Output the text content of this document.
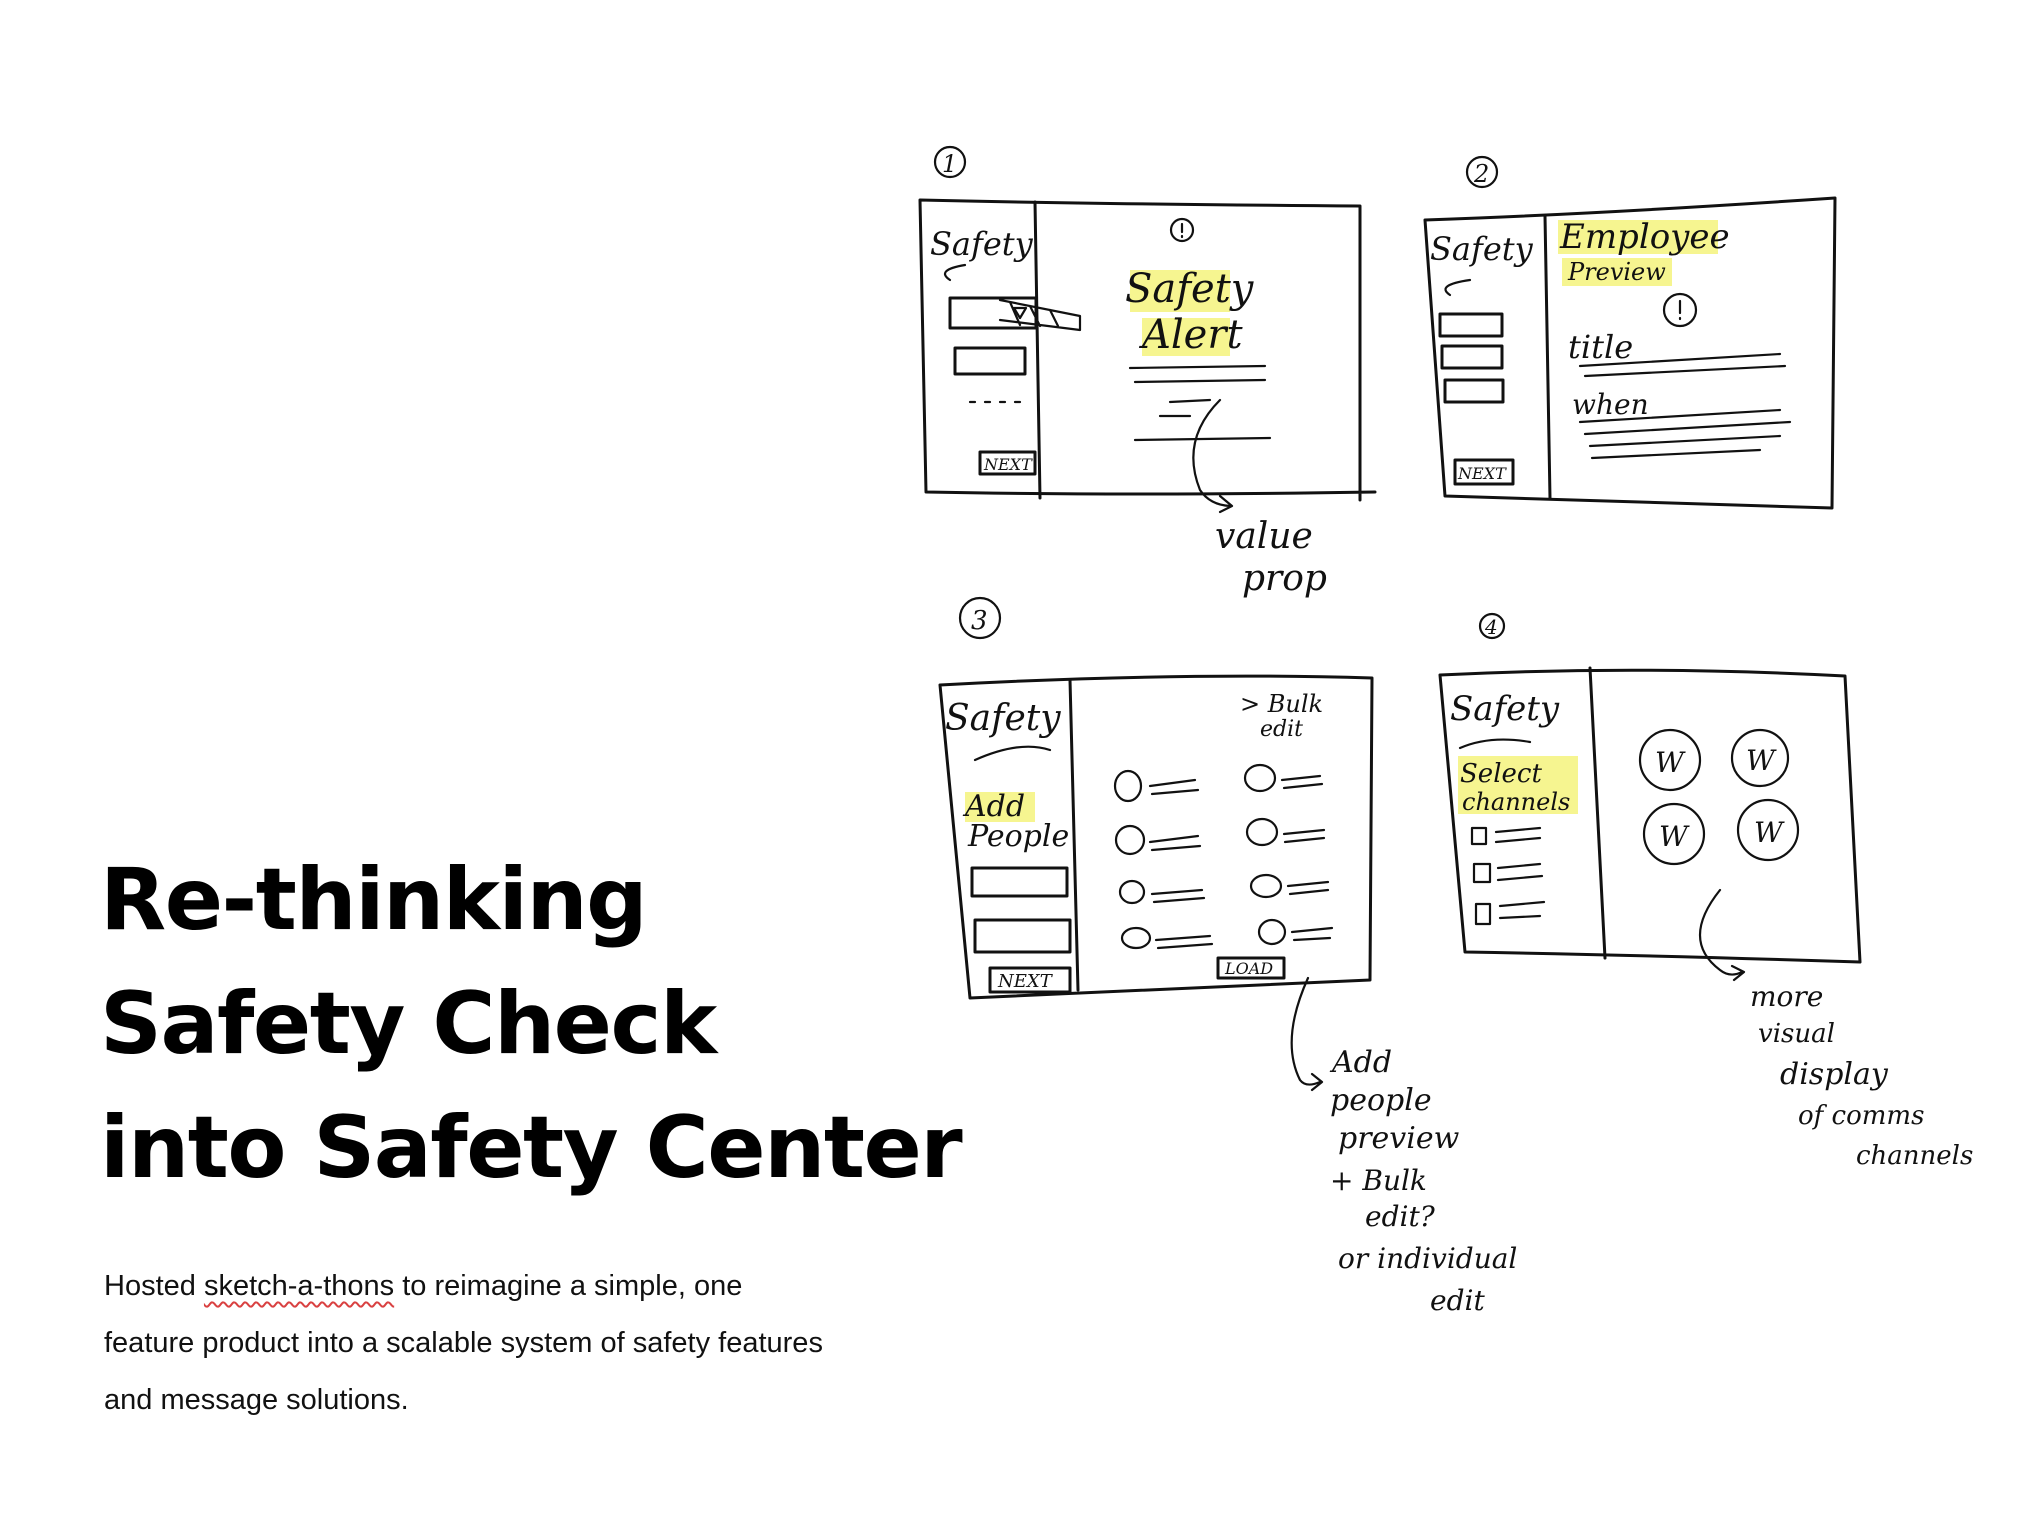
Re-thinking
Safety Check
into Safety Center

Hosted sketch-a-thons to reimagine a simple, one feature product into a scalable system of safety features and message solutions.

1
Safety
NEXT
Safety
Alert
value
prop
2
Safety
NEXT
Employee
Preview
title
when
3
Safety
Add
People
NEXT
> Bulk
edit
LOAD
Add
people
preview
+ Bulk
edit?
or individual
edit
4
Safety
Select
channels
W W
W W
more
visual
display
of comms
channels
